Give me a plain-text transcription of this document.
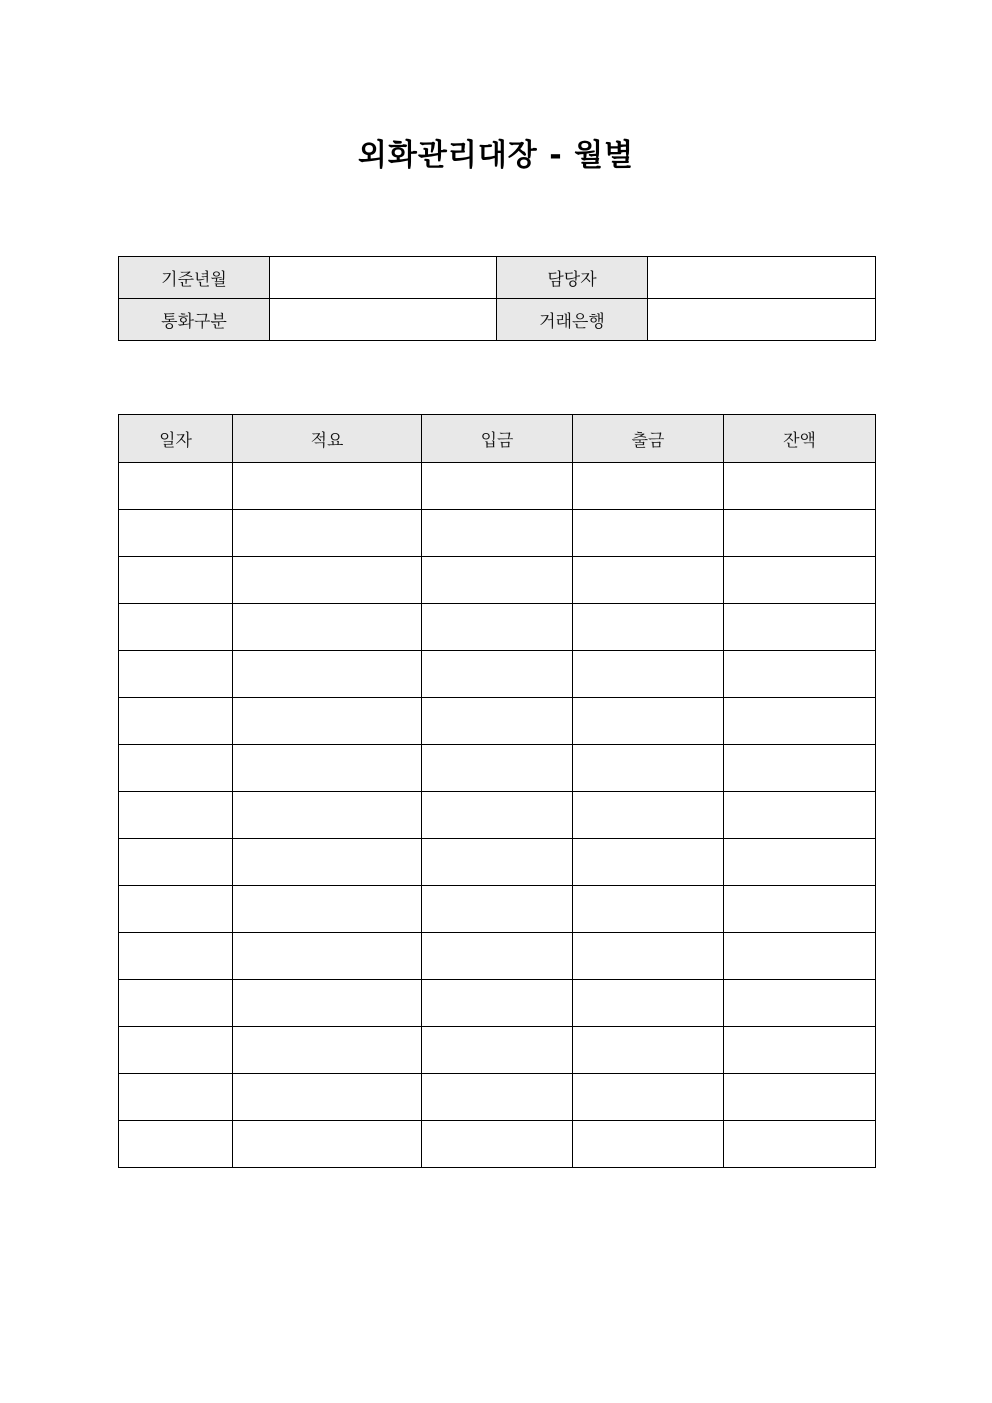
외화관리대장 - 월별
기준년월		담당자	
통화구분		거래은행	
일자	적요	입금	출금	잔액
